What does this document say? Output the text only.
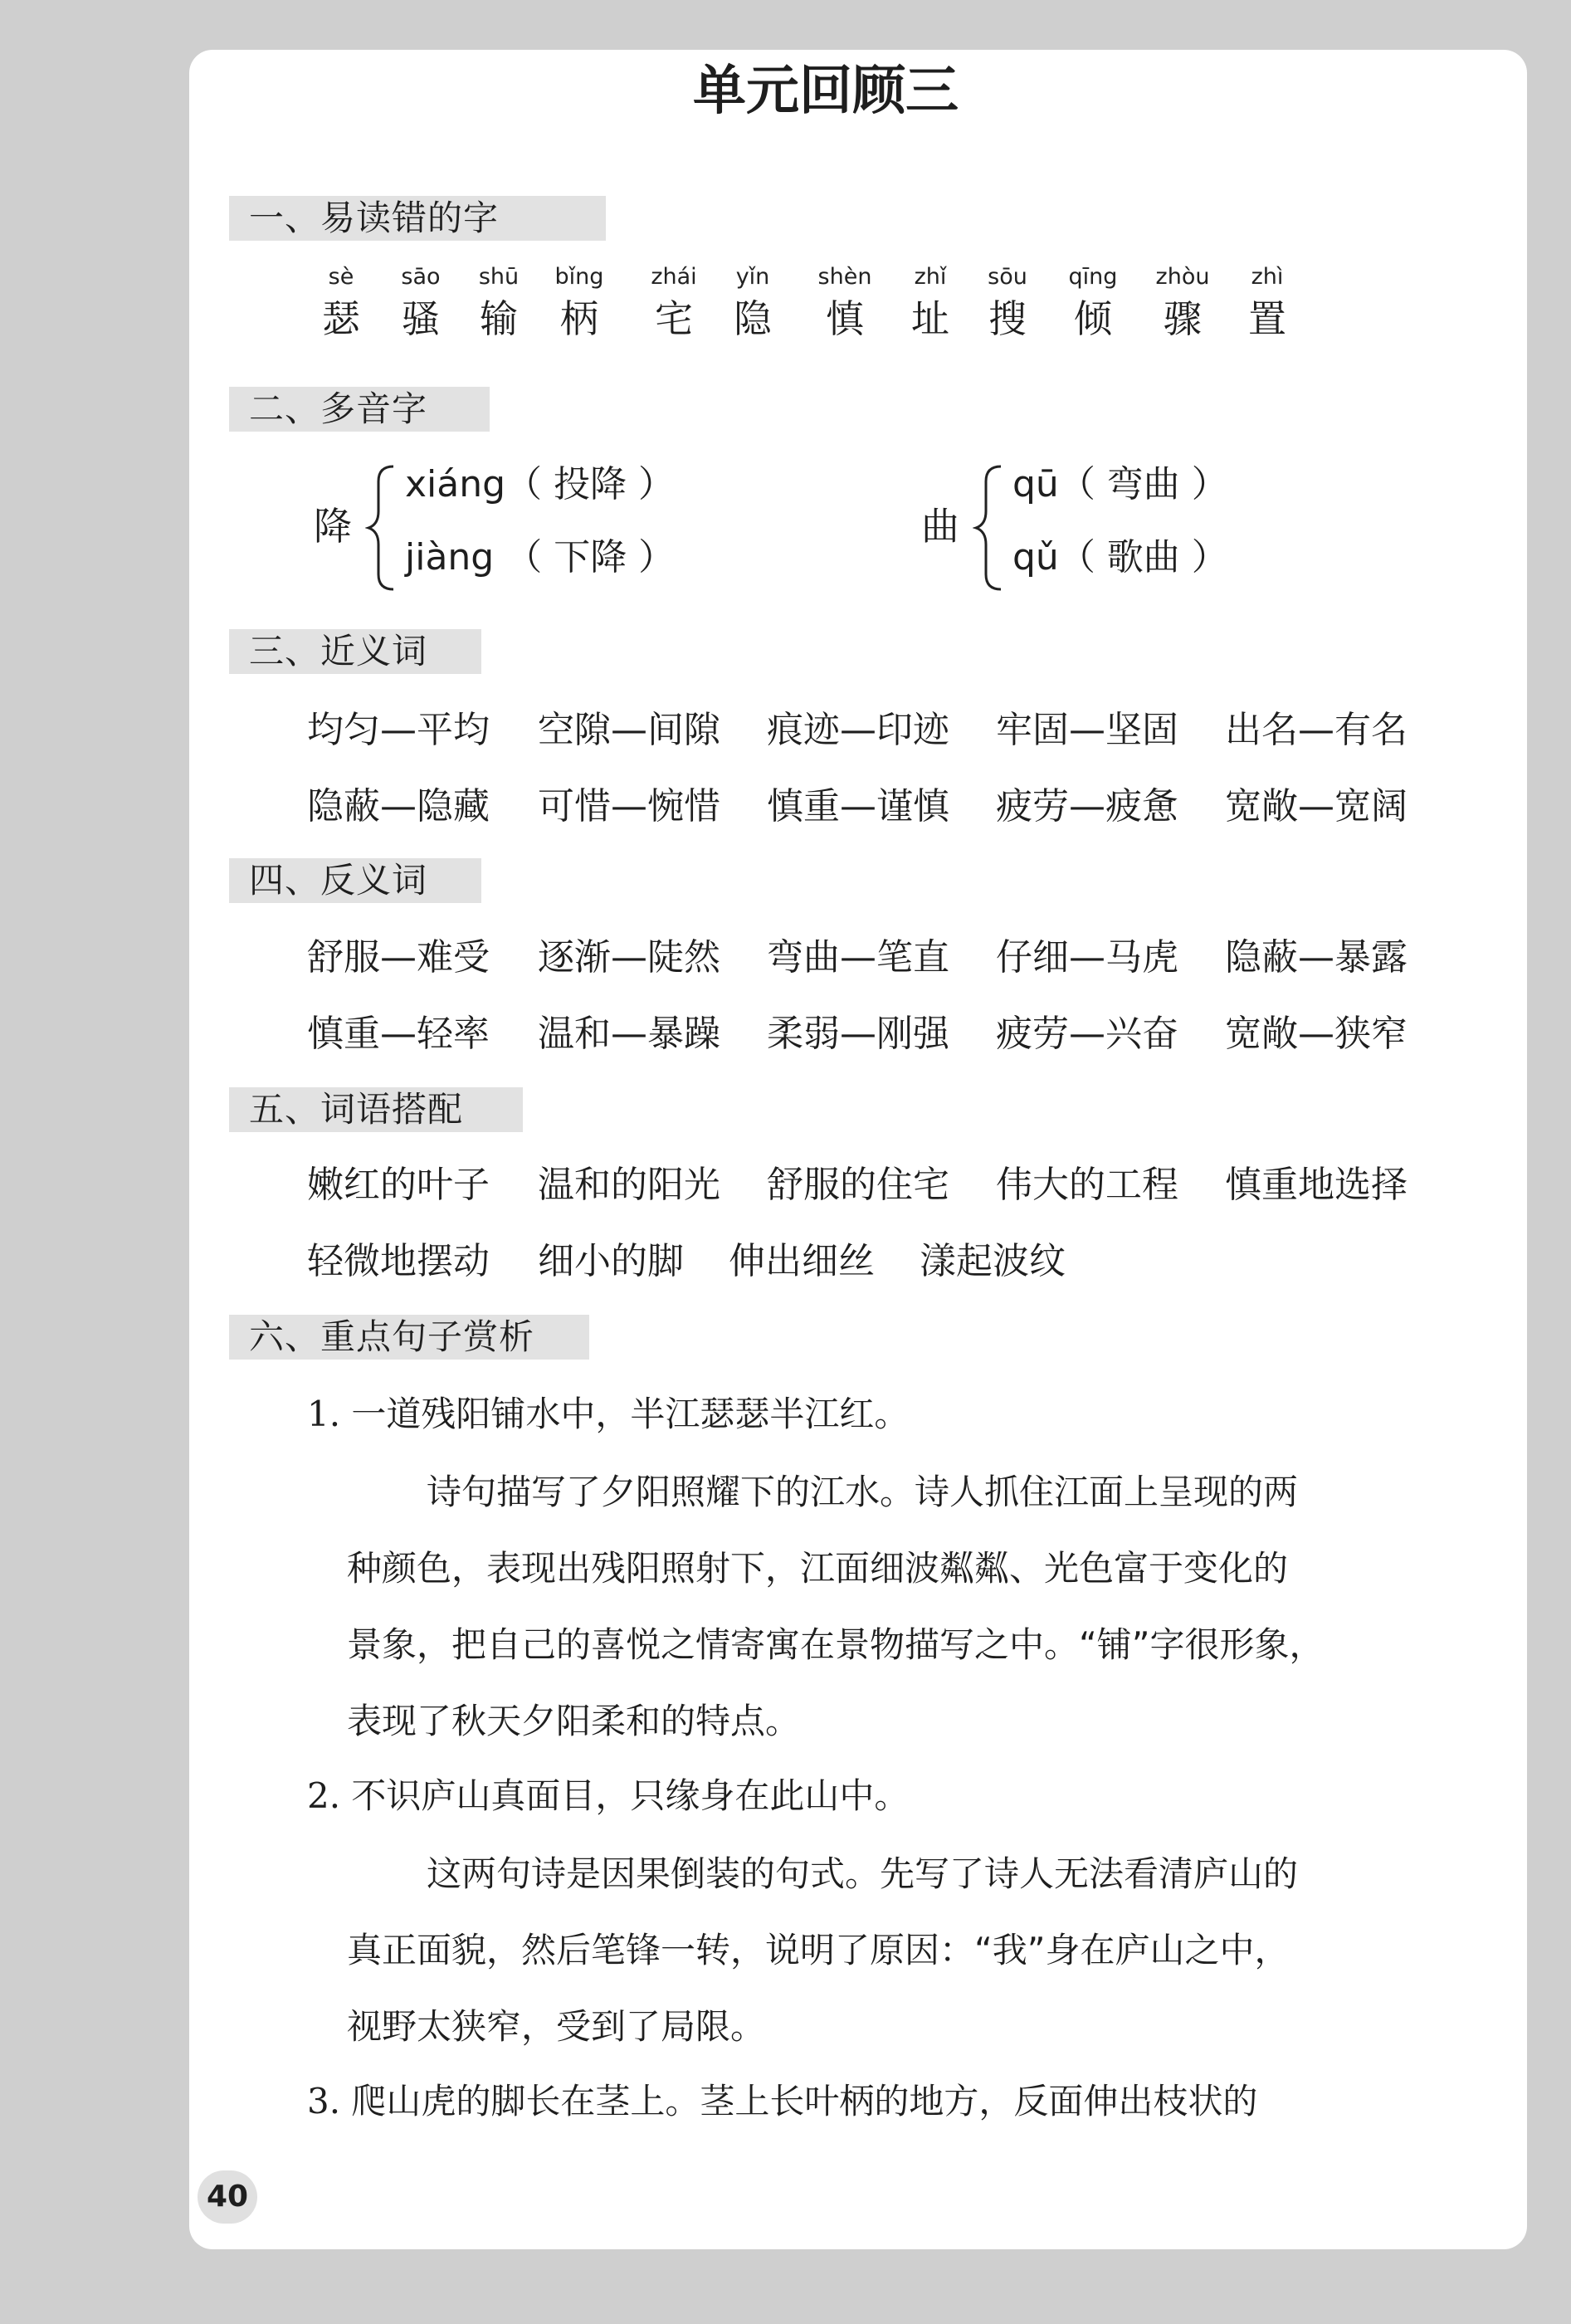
单元回顾三
一、易读错的字
sè
瑟
sāo
骚
shū
输
bǐng
柄
zhái
宅
yǐn
隐
shèn
慎
zhǐ
址
sōu
搜
qīng
倾
zhòu
骤
zhì
置
二、多音字
降
xiáng（ 投降 ）
jiàng （ 下降 ）
曲
qū（ 弯曲 ）
qǔ（ 歌曲 ）
三、近义词
均匀—平均 空隙—间隙 痕迹—印迹 牢固—坚固 出名—有名
隐蔽—隐藏 可惜—惋惜 慎重—谨慎 疲劳—疲惫 宽敞—宽阔
四、反义词
舒服—难受 逐渐—陡然 弯曲—笔直 仔细—马虎 隐蔽—暴露
慎重—轻率 温和—暴躁 柔弱—刚强 疲劳—兴奋 宽敞—狭窄
五、词语搭配
嫩红的叶子 温和的阳光 舒服的住宅 伟大的工程 慎重地选择
轻微地摆动 细小的脚 伸出细丝 漾起波纹
六、重点句子赏析
1. 一道残阳铺水中，半江瑟瑟半江红。
诗句描写了夕阳照耀下的江水。诗人抓住江面上呈现的两
种颜色，表现出残阳照射下，江面细波粼粼、光色富于变化的
景象，把自己的喜悦之情寄寓在景物描写之中。“铺”字很形象，
表现了秋天夕阳柔和的特点。
2. 不识庐山真面目，只缘身在此山中。
这两句诗是因果倒装的句式。先写了诗人无法看清庐山的
真正面貌，然后笔锋一转，说明了原因：“我”身在庐山之中，
视野太狭窄，受到了局限。
3. 爬山虎的脚长在茎上。茎上长叶柄的地方，反面伸出枝状的
40
